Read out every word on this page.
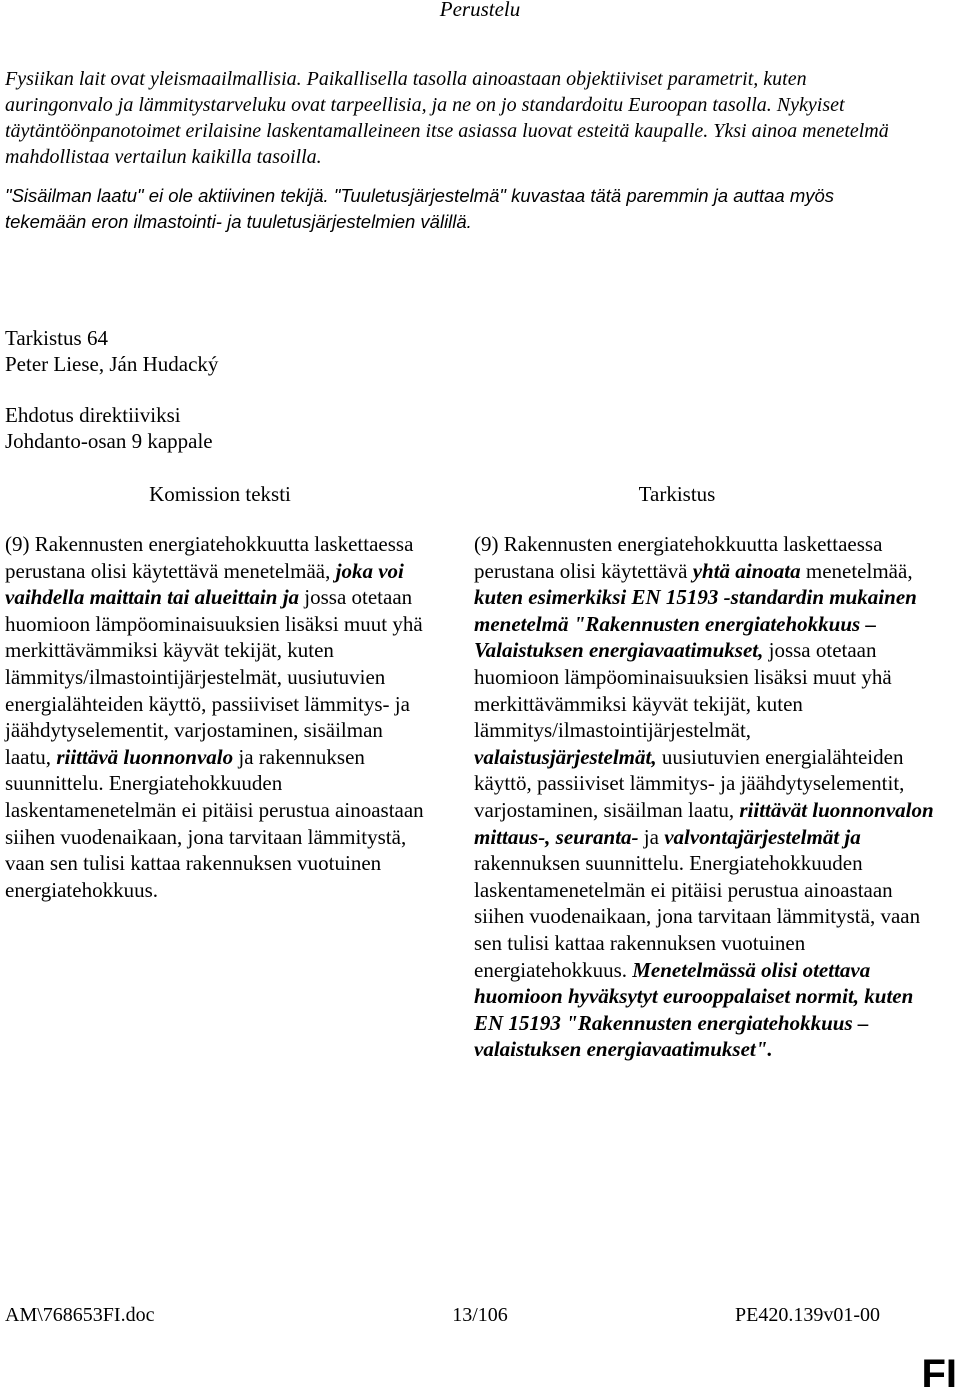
Perustelu

Fysiikan lait ovat yleismaailmallisia. Paikallisella tasolla ainoastaan objektiiviset parametrit, kuten auringonvalo ja lämmitystarveluku ovat tarpeellisia, ja ne on jo standardoitu Euroopan tasolla. Nykyiset täytäntöönpanotoimet erilaisine laskentamalleineen itse asiassa luovat esteitä kaupalle. Yksi ainoa menetelmä mahdollistaa vertailun kaikilla tasoilla.

"Sisäilman laatu" ei ole aktiivinen tekijä. "Tuuletusjärjestelmä" kuvastaa tätä paremmin ja auttaa myös tekemään eron ilmastointi- ja tuuletusjärjestelmien välillä.

Tarkistus 64
Peter Liese, Ján Hudacký
Ehdotus direktiiviksi
Johdanto-osan 9 kappale
Komission teksti	Tarkistus

(9) Rakennusten energiatehokkuutta laskettaessa perustana olisi käytettävä menetelmää, joka voi vaihdella maittain tai alueittain ja jossa otetaan huomioon lämpöominaisuuksien lisäksi muut yhä merkittävämmiksi käyvät tekijät, kuten lämmitys/ilmastointijärjestelmät, uusiutuvien energialähteiden käyttö, passiiviset lämmitys- ja jäähdytyselementit, varjostaminen, sisäilman laatu, riittävä luonnonvalo ja rakennuksen suunnittelu. Energiatehokkuuden laskentamenetelmän ei pitäisi perustua ainoastaan siihen vuodenaikaan, jona tarvitaan lämmitystä, vaan sen tulisi kattaa rakennuksen vuotuinen energiatehokkuus.

(9) Rakennusten energiatehokkuutta laskettaessa perustana olisi käytettävä yhtä ainoata menetelmää, kuten esimerkiksi EN 15193 -standardin mukainen menetelmä "Rakennusten energiatehokkuus – Valaistuksen energiavaatimukset, jossa otetaan huomioon lämpöominaisuuksien lisäksi muut yhä merkittävämmiksi käyvät tekijät, kuten lämmitys/ilmastointijärjestelmät, valaistusjärjestelmät, uusiutuvien energialähteiden käyttö, passiiviset lämmitys- ja jäähdytyselementit, varjostaminen, sisäilman laatu, riittävät luonnonvalon mittaus-, seuranta- ja valvontajärjestelmät ja rakennuksen suunnittelu. Energiatehokkuuden laskentamenetelmän ei pitäisi perustua ainoastaan siihen vuodenaikaan, jona tarvitaan lämmitystä, vaan sen tulisi kattaa rakennuksen vuotuinen energiatehokkuus. Menetelmässä olisi otettava huomioon hyväksytyt eurooppalaiset normit, kuten EN 15193 "Rakennusten energiatehokkuus – valaistuksen energiavaatimukset".

AM\768653FI.doc	13/106	PE420.139v01-00
FI
